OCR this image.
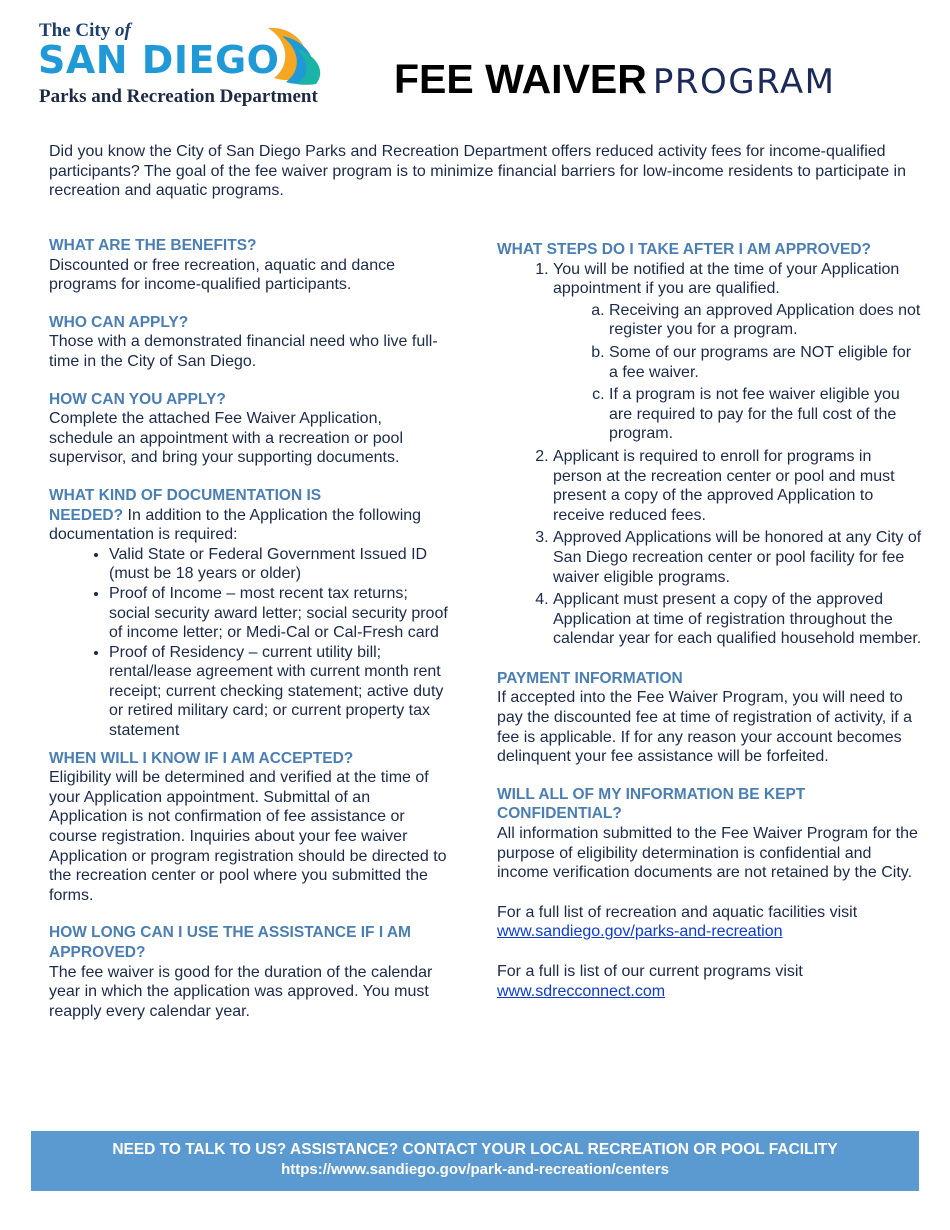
The City of
SAN DIEGO
Parks and Recreation Department FEE WAIVER PROGRAM

Did you know the City of San Diego Parks and Recreation Department offers reduced activity fees for income-qualified participants? The goal of the fee waiver program is to minimize financial barriers for low-income residents to participate in recreation and aquatic programs.

WHAT ARE THE BENEFITS?

Discounted or free recreation, aquatic and dance programs for income-qualified participants.

WHO CAN APPLY?

Those with a demonstrated financial need who live full-time in the City of San Diego.

HOW CAN YOU APPLY?

Complete the attached Fee Waiver Application, schedule an appointment with a recreation or pool supervisor, and bring your supporting documents.

WHAT KIND OF DOCUMENTATION IS

NEEDED? In addition to the Application the following documentation is required:

• Valid State or Federal Government Issued ID (must be 18 years or older)
• Proof of Income – most recent tax returns; social security award letter; social security proof of income letter; or Medi-Cal or Cal-Fresh card
• Proof of Residency – current utility bill; rental/lease agreement with current month rent receipt; current checking statement; active duty or retired military card; or current property tax statement

WHEN WILL I KNOW IF I AM ACCEPTED?

Eligibility will be determined and verified at the time of your Application appointment. Submittal of an Application is not confirmation of fee assistance or course registration. Inquiries about your fee waiver Application or program registration should be directed to the recreation center or pool where you submitted the forms.

HOW LONG CAN I USE THE ASSISTANCE IF I AM APPROVED?

The fee waiver is good for the duration of the calendar year in which the application was approved. You must reapply every calendar year.

WHAT STEPS DO I TAKE AFTER I AM APPROVED?

1. You will be notified at the time of your Application appointment if you are qualified.
a. Receiving an approved Application does not register you for a program.
b. Some of our programs are NOT eligible for a fee waiver.
c. If a program is not fee waiver eligible you are required to pay for the full cost of the program.
2. Applicant is required to enroll for programs in person at the recreation center or pool and must present a copy of the approved Application to receive reduced fees.
3. Approved Applications will be honored at any City of San Diego recreation center or pool facility for fee waiver eligible programs.
4. Applicant must present a copy of the approved Application at time of registration throughout the calendar year for each qualified household member.

PAYMENT INFORMATION

If accepted into the Fee Waiver Program, you will need to pay the discounted fee at time of registration of activity, if a fee is applicable. If for any reason your account becomes delinquent your fee assistance will be forfeited.

WILL ALL OF MY INFORMATION BE KEPT CONFIDENTIAL?

All information submitted to the Fee Waiver Program for the purpose of eligibility determination is confidential and income verification documents are not retained by the City.

For a full list of recreation and aquatic facilities visit www.sandiego.gov/parks-and-recreation

For a full is list of our current programs visit www.sdrecconnect.com

NEED TO TALK TO US? ASSISTANCE? CONTACT YOUR LOCAL RECREATION OR POOL FACILITY
https://www.sandiego.gov/park-and-recreation/centers
